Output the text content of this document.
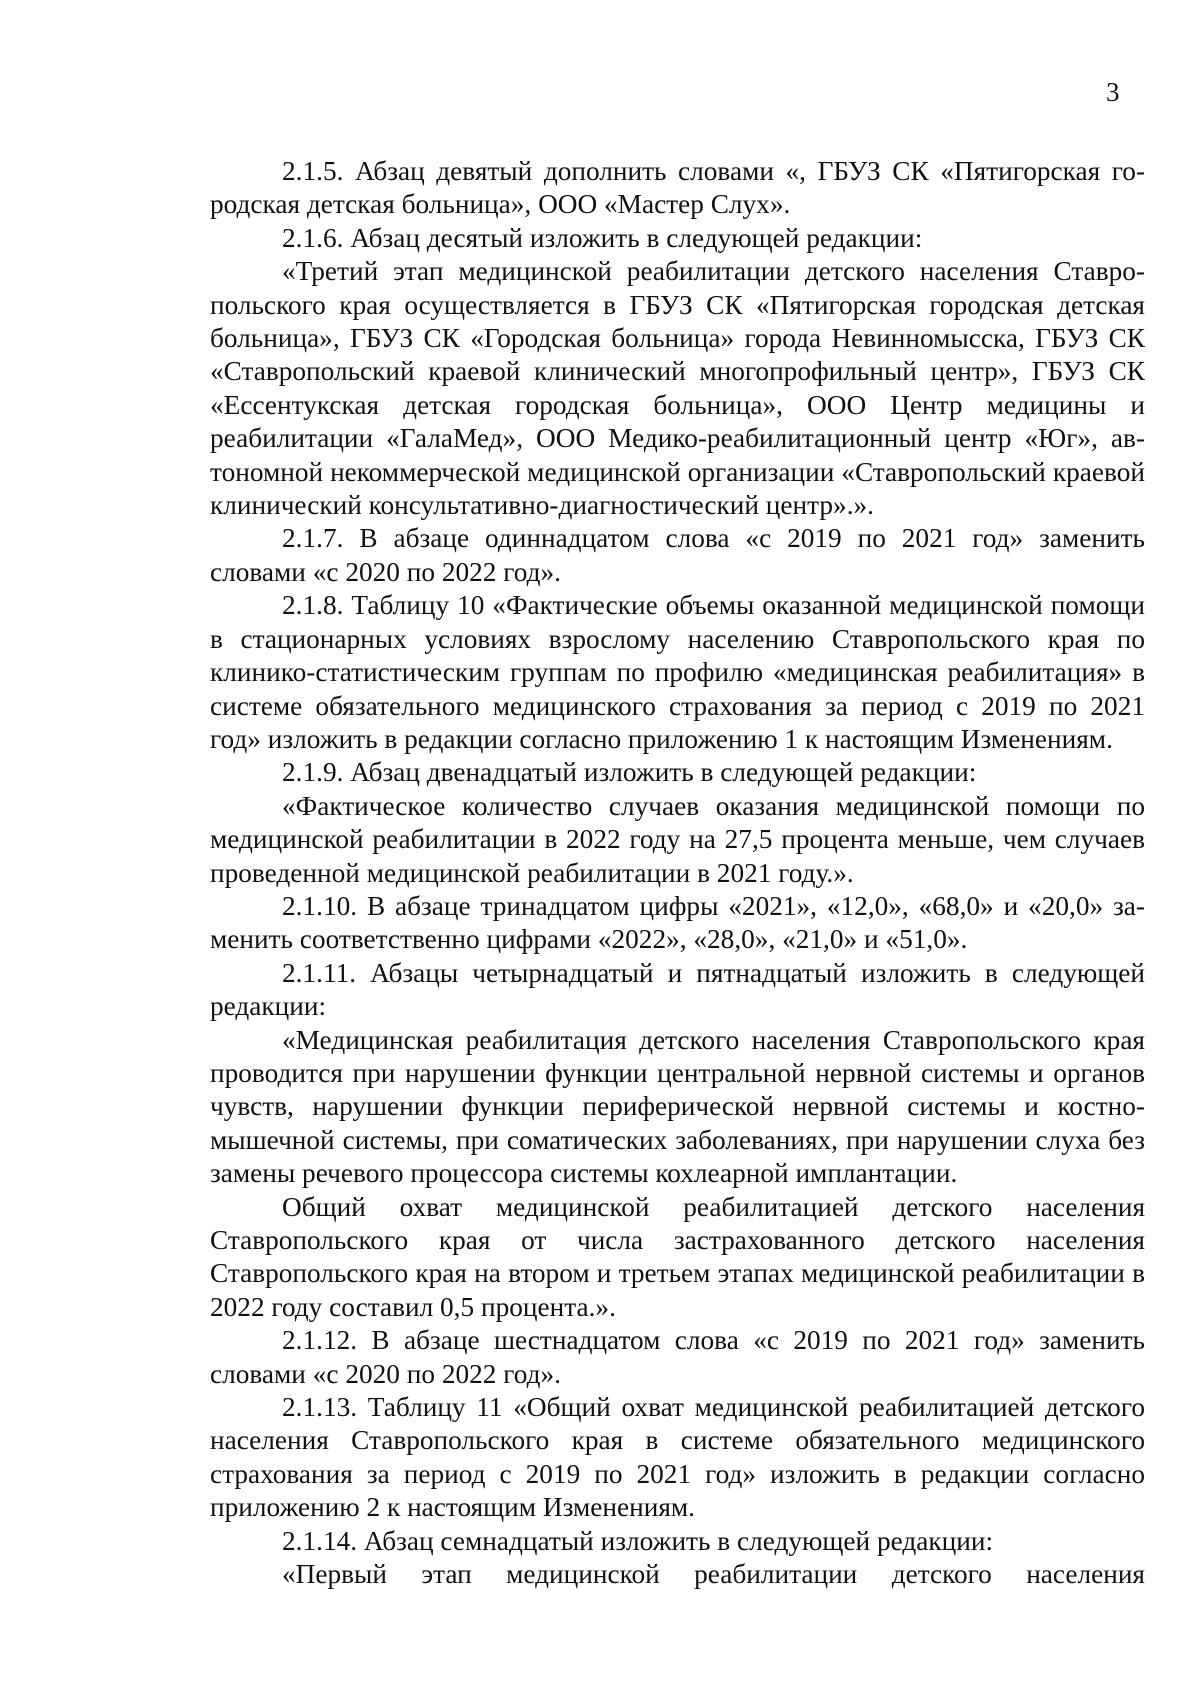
3

2.1.5. Абзац девятый дополнить словами «, ГБУЗ СК «Пятигорская городская детская больница», ООО «Мастер Слух».

2.1.6. Абзац десятый изложить в следующей редакции:

«Третий этап медицинской реабилитации детского населения Ставропольского края осуществляется в ГБУЗ СК «Пятигорская городская детская больница», ГБУЗ СК «Городская больница» города Невинномысска, ГБУЗ СК «Ставропольский краевой клинический многопрофильный центр», ГБУЗ СК «Ессентукская детская городская больница», ООО Центр медицины и реабилитации «ГалаМед», ООО Медико-реабилитационный центр «Юг», автономной некоммерческой медицинской организации «Ставропольский краевой клинический консультативно-диагностический центр».».

2.1.7. В абзаце одиннадцатом слова «с 2019 по 2021 год» заменить словами «с 2020 по 2022 год».

2.1.8. Таблицу 10 «Фактические объемы оказанной медицинской помощи в стационарных условиях взрослому населению Ставропольского края по клинико-статистическим группам по профилю «медицинская реабилитация» в системе обязательного медицинского страхования за период с 2019 по 2021 год» изложить в редакции согласно приложению 1 к настоящим Изменениям.

2.1.9. Абзац двенадцатый изложить в следующей редакции:

«Фактическое количество случаев оказания медицинской помощи по медицинской реабилитации в 2022 году на 27,5 процента меньше, чем случаев проведенной медицинской реабилитации в 2021 году.».

2.1.10. В абзаце тринадцатом цифры «2021», «12,0», «68,0» и «20,0» заменить соответственно цифрами «2022», «28,0», «21,0» и «51,0».

2.1.11. Абзацы четырнадцатый и пятнадцатый изложить в следующей редакции:

«Медицинская реабилитация детского населения Ставропольского края проводится при нарушении функции центральной нервной системы и органов чувств, нарушении функции периферической нервной системы и костно-мышечной системы, при соматических заболеваниях, при нарушении слуха без замены речевого процессора системы кохлеарной имплантации.

Общий охват медицинской реабилитацией детского населения Ставропольского края от числа застрахованного детского населения Ставропольского края на втором и третьем этапах медицинской реабилитации в 2022 году составил 0,5 процента.».

2.1.12. В абзаце шестнадцатом слова «с 2019 по 2021 год» заменить словами «с 2020 по 2022 год».

2.1.13. Таблицу 11 «Общий охват медицинской реабилитацией детского населения Ставропольского края в системе обязательного медицинского страхования за период с 2019 по 2021 год» изложить в редакции согласно приложению 2 к настоящим Изменениям.

2.1.14. Абзац семнадцатый изложить в следующей редакции:

«Первый этап медицинской реабилитации детского населения
